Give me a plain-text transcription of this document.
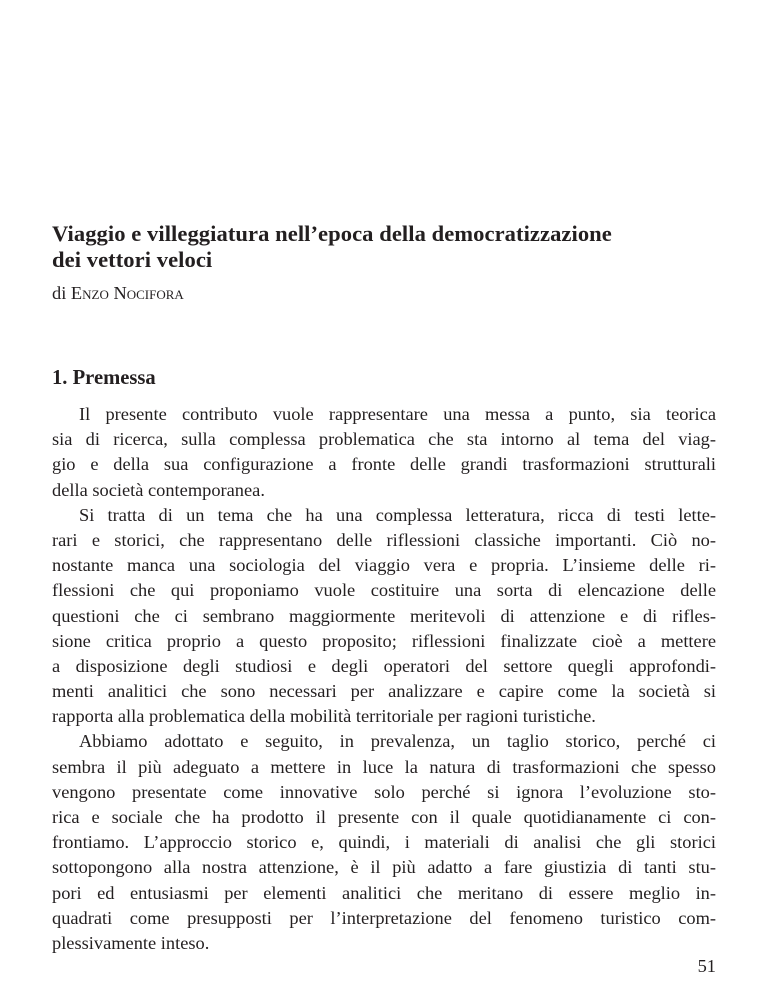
Viaggio e villeggiatura nell’epoca della democratizzazione
dei vettori veloci
di Enzo Nocifora
1. Premessa

Il presente contributo vuole rappresentare una messa a punto, sia teorica
sia di ricerca, sulla complessa problematica che sta intorno al tema del viag-
gio e della sua configurazione a fronte delle grandi trasformazioni strutturali
della società contemporanea.

Si tratta di un tema che ha una complessa letteratura, ricca di testi lette-
rari e storici, che rappresentano delle riflessioni classiche importanti. Ciò no-
nostante manca una sociologia del viaggio vera e propria. L’insieme delle ri-
flessioni che qui proponiamo vuole costituire una sorta di elencazione delle
questioni che ci sembrano maggiormente meritevoli di attenzione e di rifles-
sione critica proprio a questo proposito; riflessioni finalizzate cioè a mettere
a disposizione degli studiosi e degli operatori del settore quegli approfondi-
menti analitici che sono necessari per analizzare e capire come la società si
rapporta alla problematica della mobilità territoriale per ragioni turistiche.

Abbiamo adottato e seguito, in prevalenza, un taglio storico, perché ci
sembra il più adeguato a mettere in luce la natura di trasformazioni che spesso
vengono presentate come innovative solo perché si ignora l’evoluzione sto-
rica e sociale che ha prodotto il presente con il quale quotidianamente ci con-
frontiamo. L’approccio storico e, quindi, i materiali di analisi che gli storici
sottopongono alla nostra attenzione, è il più adatto a fare giustizia di tanti stu-
pori ed entusiasmi per elementi analitici che meritano di essere meglio in-
quadrati come presupposti per l’interpretazione del fenomeno turistico com-
plessivamente inteso.

51
